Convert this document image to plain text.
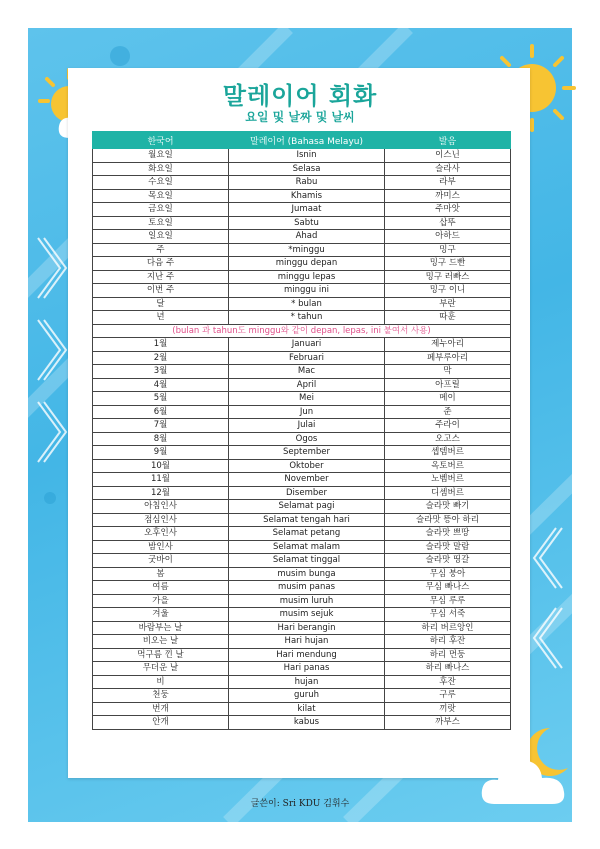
말레이어 회화
요일 및 날짜 및 날씨
한국어	말레이어 (Bahasa Melayu)	발음
월요일	Isnin	이스닌
화요일	Selasa	슬라사
수요일	Rabu	라부
목요일	Khamis	까미스
금요일	Jumaat	주마앗
토요일	Sabtu	삽뚜
일요일	Ahad	아하드
주	*minggu	밍구
다음 주	minggu depan	밍구 드빤
지난 주	minggu lepas	밍구 러빠스
이번 주	minggu ini	밍구 이니
달	* bulan	부란
년	* tahun	따훈
(bulan 과 tahun도 minggu와 같이 depan, lepas, ini 붙여서 사용)		
1월	Januari	제누아리
2월	Februari	페부루아리
3월	Mac	막
4월	April	아프릴
5월	Mei	메이
6월	Jun	준
7월	Julai	주라이
8월	Ogos	오고스
9월	September	셉템버르
10월	Oktober	옥토버르
11월	November	노벰버르
12월	Disember	디셈버르
아침인사	Selamat pagi	슬라맛 빠기
점심인사	Selamat tengah hari	슬라맛 뜽아 하리
오후인사	Selamat petang	슬라맛 쁘땅
밤인사	Selamat malam	슬라맛 말람
굿바이	Selamat tinggal	슬라맛 띵갈
봄	musim bunga	무심 붕아
여름	musim panas	무심 빠나스
가을	musim luruh	무심 루루
겨울	musim sejuk	무심 서죽
바람부는 날	Hari berangin	하리 버르앙인
비오는 날	Hari hujan	하리 후잔
먹구름 낀 날	Hari mendung	하리 먼둥
무더운 날	Hari panas	하리 빠나스
비	hujan	후잔
천둥	guruh	구루
번개	kilat	끼랏
안개	kabus	까부스
글쓴이: Sri KDU 김휘수
